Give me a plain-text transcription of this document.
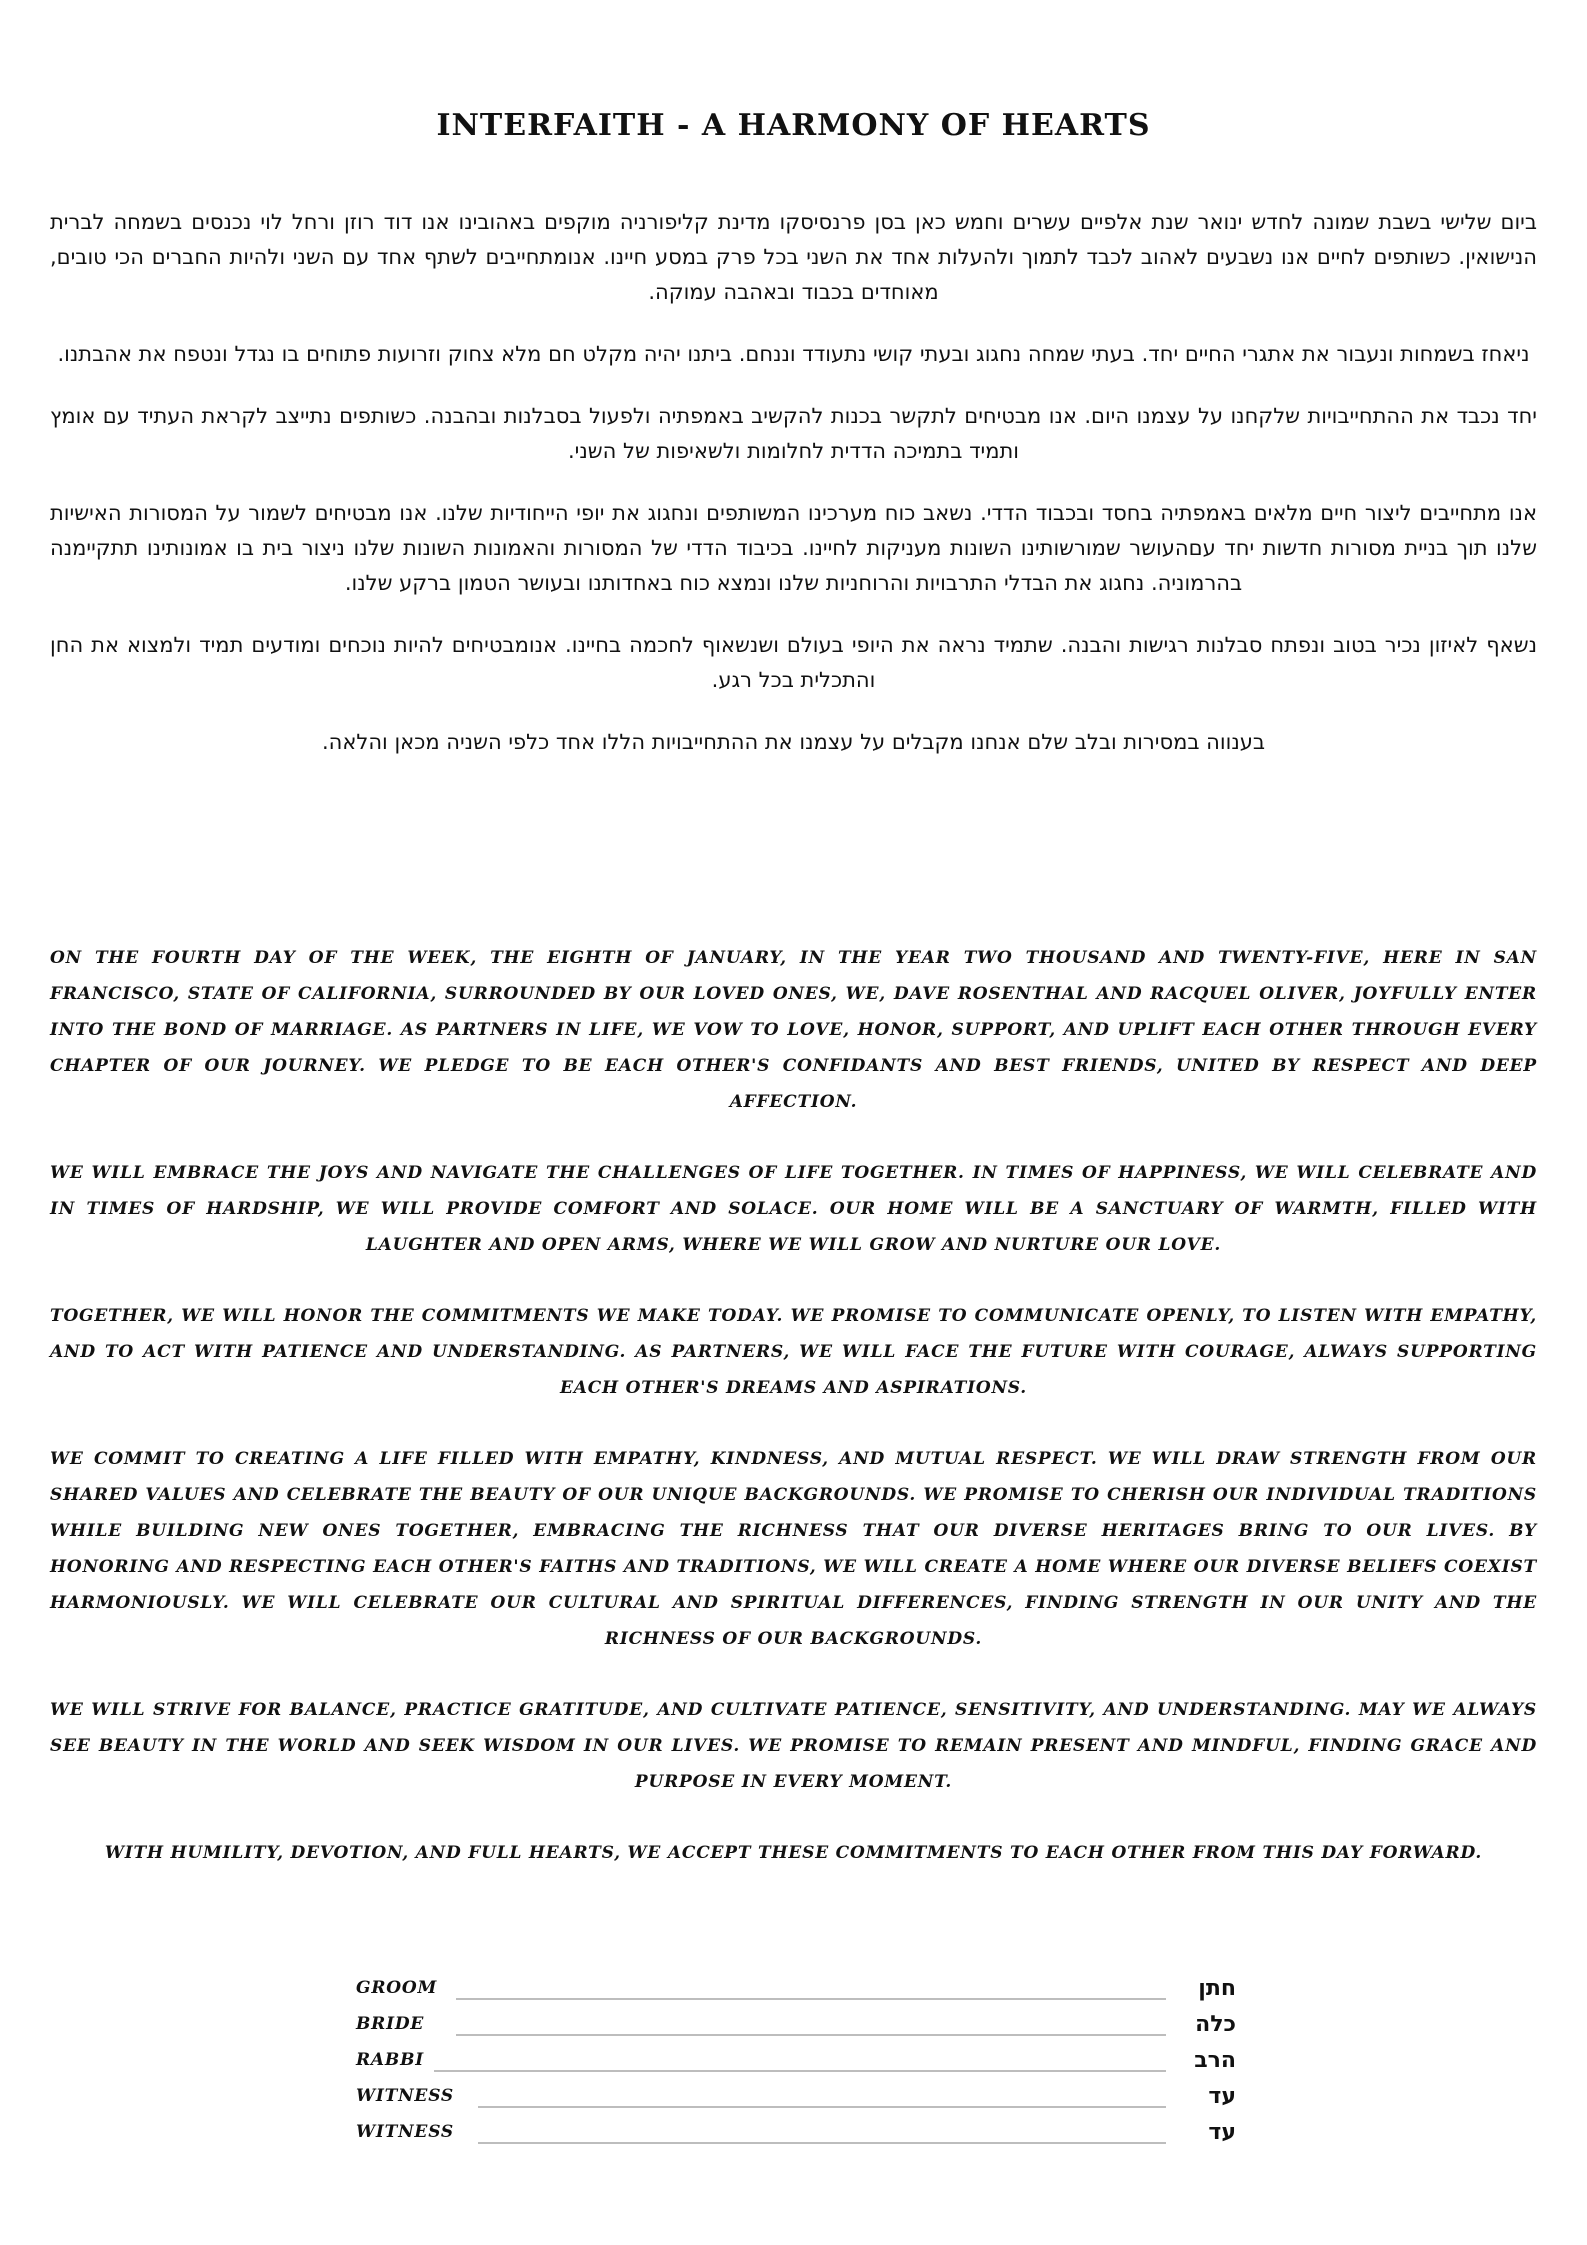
INTERFAITH - A HARMONY OF HEARTS

ביום שלישי בשבת שמונה לחדש ינואר שנת אלפיים עשרים וחמש כאן בסן פרנסיסקו מדינת קליפורניה מוקפים באהובינו אנו דוד רוזן ורחל לוי נכנסים בשמחה לברית הנישואין. כשותפים לחיים אנו נשבעים לאהוב לכבד לתמוך ולהעלות אחד את השני בכל פרק במסע חיינו. אנומתחייבים לשתף אחד עם השני ולהיות החברים הכי טובים, מאוחדים בכבוד ובאהבה עמוקה.

ניאחז בשמחות ונעבור את אתגרי החיים יחד. בעתי שמחה נחגוג ובעתי קושי נתעודד וננחם. ביתנו יהיה מקלט חם מלא צחוק וזרועות פתוחים בו נגדל ונטפח את אהבתנו.

יחד נכבד את ההתחייבויות שלקחנו על עצמנו היום. אנו מבטיחים לתקשר בכנות להקשיב באמפתיה ולפעול בסבלנות ובהבנה. כשותפים נתייצב לקראת העתיד עם אומץ ותמיד בתמיכה הדדית לחלומות ולשאיפות של השני.

אנו מתחייבים ליצור חיים מלאים באמפתיה בחסד ובכבוד הדדי. נשאב כוח מערכינו המשותפים ונחגוג את יופי הייחודיות שלנו. אנו מבטיחים לשמור על המסורות האישיות שלנו תוך בניית מסורות חדשות יחד עםהעושר שמורשותינו השונות מעניקות לחיינו. בכיבוד הדדי של המסורות והאמונות השונות שלנו ניצור בית בו אמונותינו תתקיימנה בהרמוניה. נחגוג את הבדלי התרבויות והרוחניות שלנו ונמצא כוח באחדותנו ובעושר הטמון ברקע שלנו.

נשאף לאיזון נכיר בטוב ונפתח סבלנות רגישות והבנה. שתמיד נראה את היופי בעולם ושנשאוף לחכמה בחיינו. אנומבטיחים להיות נוכחים ומודעים תמיד ולמצוא את החן והתכלית בכל רגע.

בענווה במסירות ובלב שלם אנחנו מקבלים על עצמנו את ההתחייבויות הללו אחד כלפי השניה מכאן והלאה.

ON THE FOURTH DAY OF THE WEEK, THE EIGHTH OF JANUARY, IN THE YEAR TWO THOUSAND AND TWENTY-FIVE, HERE IN SAN FRANCISCO, STATE OF CALIFORNIA, SURROUNDED BY OUR LOVED ONES, WE, DAVE ROSENTHAL AND RACQUEL OLIVER, JOYFULLY ENTER INTO THE BOND OF MARRIAGE. AS PARTNERS IN LIFE, WE VOW TO LOVE, HONOR, SUPPORT, AND UPLIFT EACH OTHER THROUGH EVERY CHAPTER OF OUR JOURNEY. WE PLEDGE TO BE EACH OTHER'S CONFIDANTS AND BEST FRIENDS, UNITED BY RESPECT AND DEEP AFFECTION.

WE WILL EMBRACE THE JOYS AND NAVIGATE THE CHALLENGES OF LIFE TOGETHER. IN TIMES OF HAPPINESS, WE WILL CELEBRATE AND IN TIMES OF HARDSHIP, WE WILL PROVIDE COMFORT AND SOLACE. OUR HOME WILL BE A SANCTUARY OF WARMTH, FILLED WITH LAUGHTER AND OPEN ARMS, WHERE WE WILL GROW AND NURTURE OUR LOVE.

TOGETHER, WE WILL HONOR THE COMMITMENTS WE MAKE TODAY. WE PROMISE TO COMMUNICATE OPENLY, TO LISTEN WITH EMPATHY, AND TO ACT WITH PATIENCE AND UNDERSTANDING. AS PARTNERS, WE WILL FACE THE FUTURE WITH COURAGE, ALWAYS SUPPORTING EACH OTHER'S DREAMS AND ASPIRATIONS.

WE COMMIT TO CREATING A LIFE FILLED WITH EMPATHY, KINDNESS, AND MUTUAL RESPECT. WE WILL DRAW STRENGTH FROM OUR SHARED VALUES AND CELEBRATE THE BEAUTY OF OUR UNIQUE BACKGROUNDS. WE PROMISE TO CHERISH OUR INDIVIDUAL TRADITIONS WHILE BUILDING NEW ONES TOGETHER, EMBRACING THE RICHNESS THAT OUR DIVERSE HERITAGES BRING TO OUR LIVES. BY HONORING AND RESPECTING EACH OTHER'S FAITHS AND TRADITIONS, WE WILL CREATE A HOME WHERE OUR DIVERSE BELIEFS COEXIST HARMONIOUSLY. WE WILL CELEBRATE OUR CULTURAL AND SPIRITUAL DIFFERENCES, FINDING STRENGTH IN OUR UNITY AND THE RICHNESS OF OUR BACKGROUNDS.

WE WILL STRIVE FOR BALANCE, PRACTICE GRATITUDE, AND CULTIVATE PATIENCE, SENSITIVITY, AND UNDERSTANDING. MAY WE ALWAYS SEE BEAUTY IN THE WORLD AND SEEK WISDOM IN OUR LIVES. WE PROMISE TO REMAIN PRESENT AND MINDFUL, FINDING GRACE AND PURPOSE IN EVERY MOMENT.

WITH HUMILITY, DEVOTION, AND FULL HEARTS, WE ACCEPT THESE COMMITMENTS TO EACH OTHER FROM THIS DAY FORWARD.

GROOM	חתן
BRIDE	כלה
RABBI	הרב
WITNESS	עד
WITNESS	עד
